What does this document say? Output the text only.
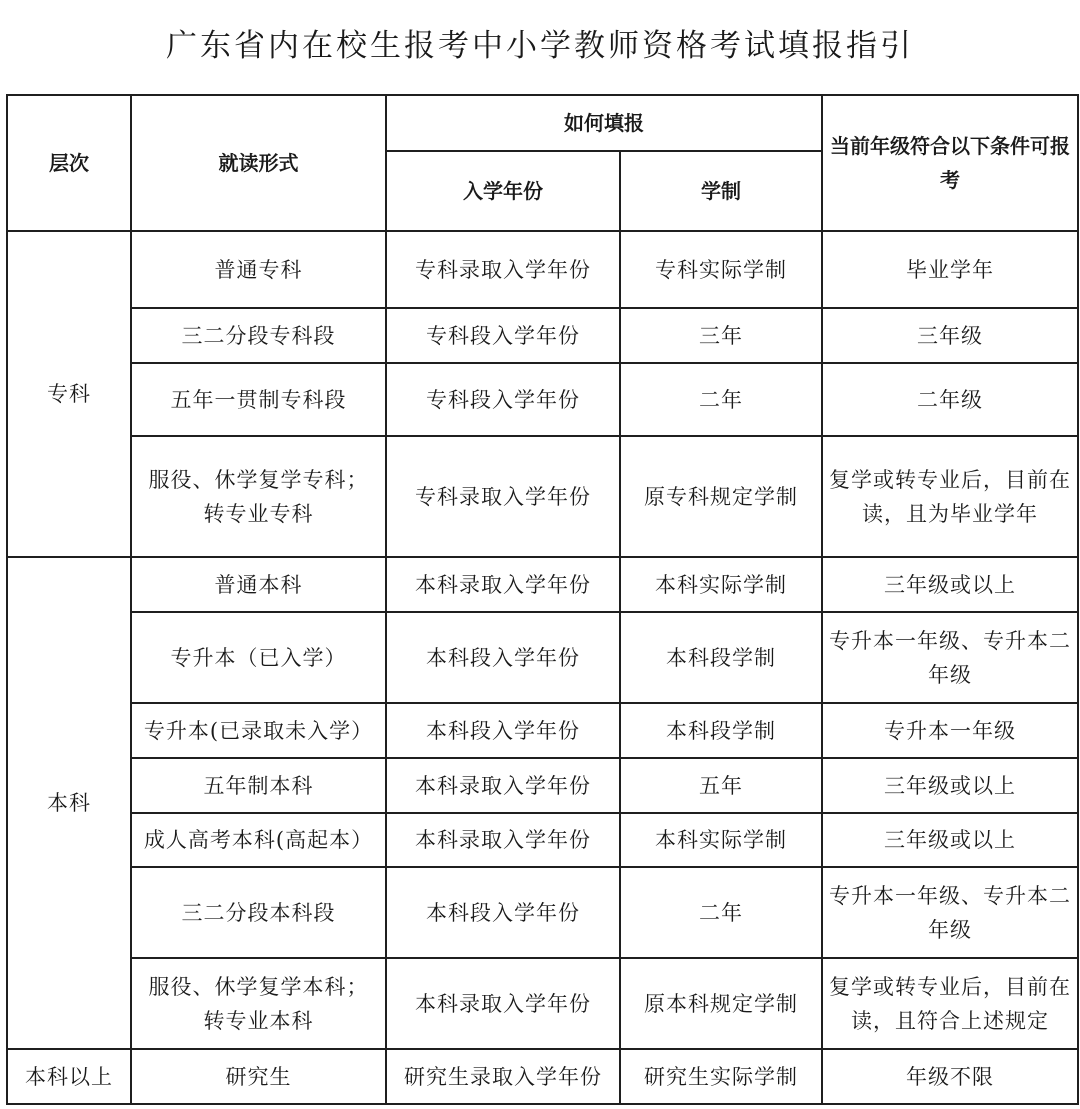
广东省内在校生报考中小学教师资格考试填报指引
层次	就读形式	如何填报		当前年级符合以下条件可报考
		入学年份	学制	
专科	普通专科	专科录取入学年份	专科实际学制	毕业学年
	三二分段专科段	专科段入学年份	三年	三年级
	五年一贯制专科段	专科段入学年份	二年	二年级
	服役、休学复学专科；转专业专科	专科录取入学年份	原专科规定学制	复学或转专业后，目前在读，且为毕业学年
本科	普通本科	本科录取入学年份	本科实际学制	三年级或以上
	专升本（已入学）	本科段入学年份	本科段学制	专升本一年级、专升本二年级
	专升本(已录取未入学）	本科段入学年份	本科段学制	专升本一年级
	五年制本科	本科录取入学年份	五年	三年级或以上
	成人高考本科(高起本）	本科录取入学年份	本科实际学制	三年级或以上
	三二分段本科段	本科段入学年份	二年	专升本一年级、专升本二年级
	服役、休学复学本科；转专业本科	本科录取入学年份	原本科规定学制	复学或转专业后，目前在读，且符合上述规定
本科以上	研究生	研究生录取入学年份	研究生实际学制	年级不限
